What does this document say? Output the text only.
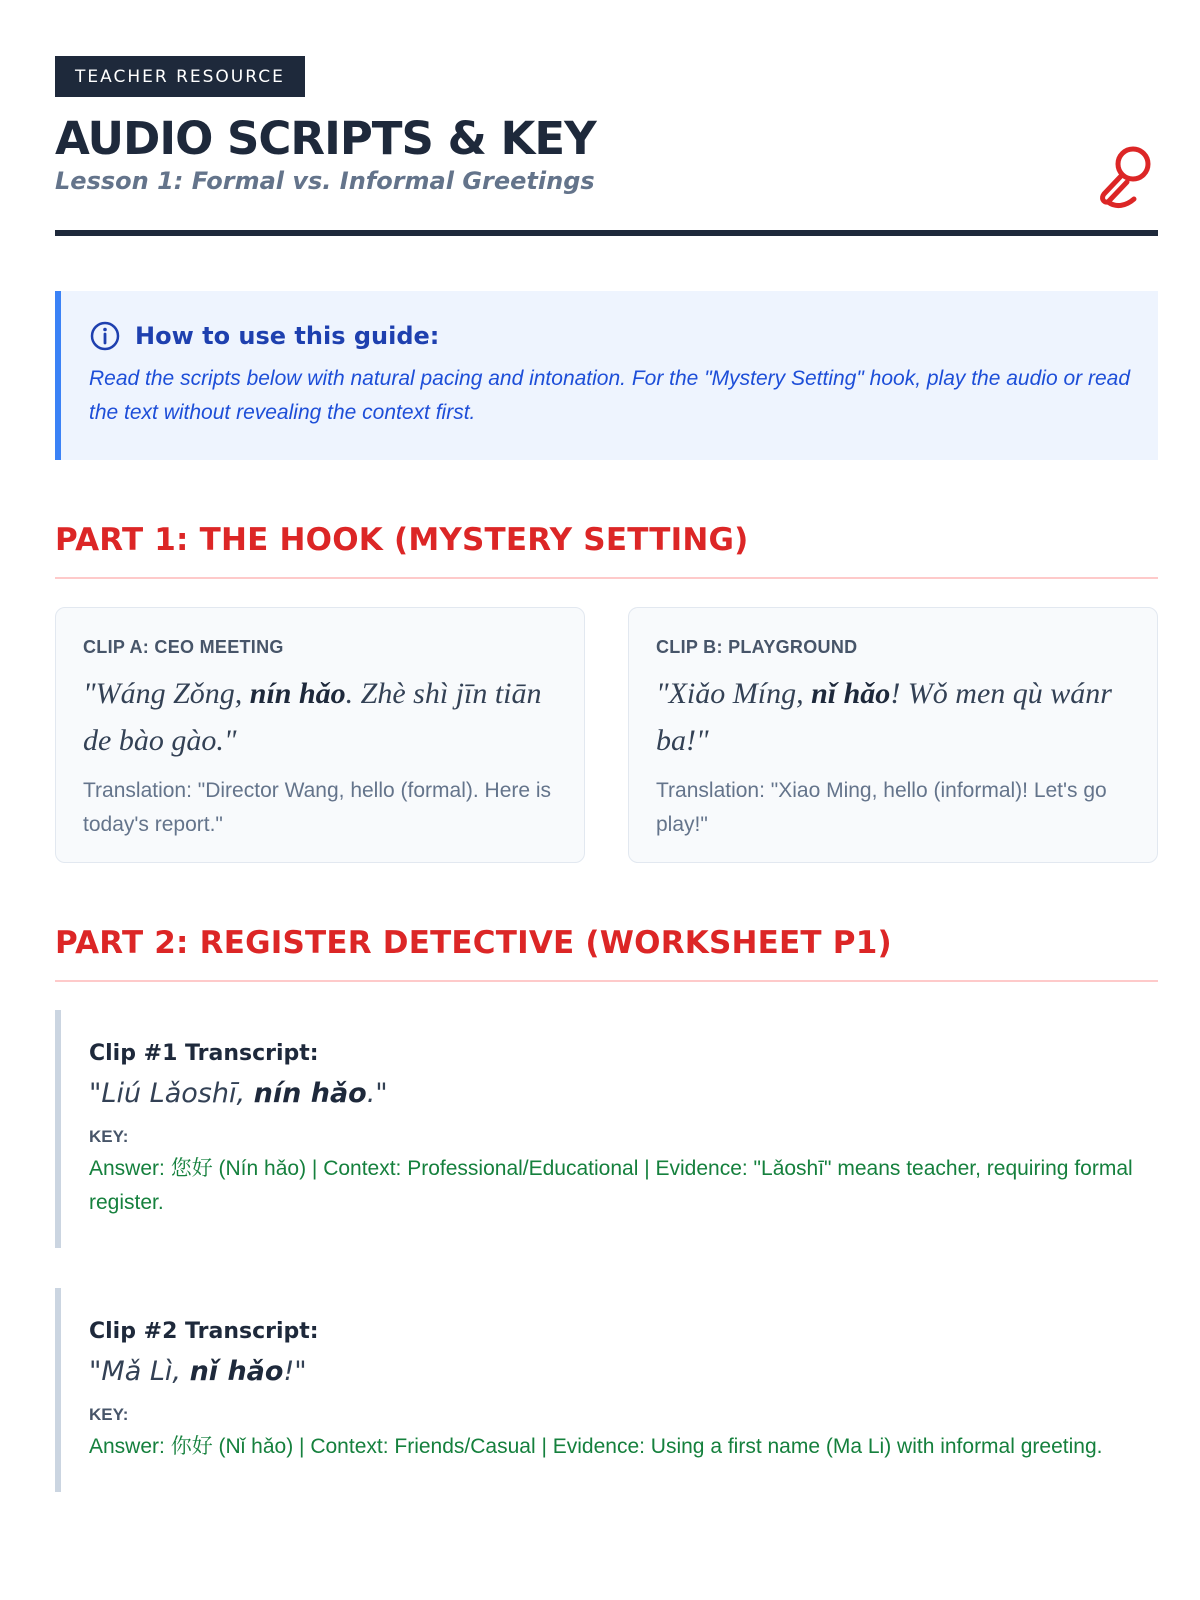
TEACHER RESOURCE
AUDIO SCRIPTS & KEY
Lesson 1: Formal vs. Informal Greetings
How to use this guide:
Read the scripts below with natural pacing and intonation. For the "Mystery Setting" hook, play the audio or read the text without revealing the context first.
PART 1: THE HOOK (MYSTERY SETTING)
CLIP A: CEO MEETING
"Wáng Zǒng, nín hǎo. Zhè shì jīn tiān de bào gào."
Translation: "Director Wang, hello (formal). Here is today's report."
CLIP B: PLAYGROUND
"Xiǎo Míng, nǐ hǎo! Wǒ men qù wánr ba!"
Translation: "Xiao Ming, hello (informal)! Let's go play!"
PART 2: REGISTER DETECTIVE (WORKSHEET P1)
Clip #1 Transcript:
"Liú Lǎoshī, nín hǎo."
KEY:
Answer: 您好 (Nín hǎo) | Context: Professional/Educational | Evidence: "Lǎoshī" means teacher, requiring formal register.
Clip #2 Transcript:
"Mǎ Lì, nǐ hǎo!"
KEY:
Answer: 你好 (Nǐ hǎo) | Context: Friends/Casual | Evidence: Using a first name (Ma Li) with informal greeting.
